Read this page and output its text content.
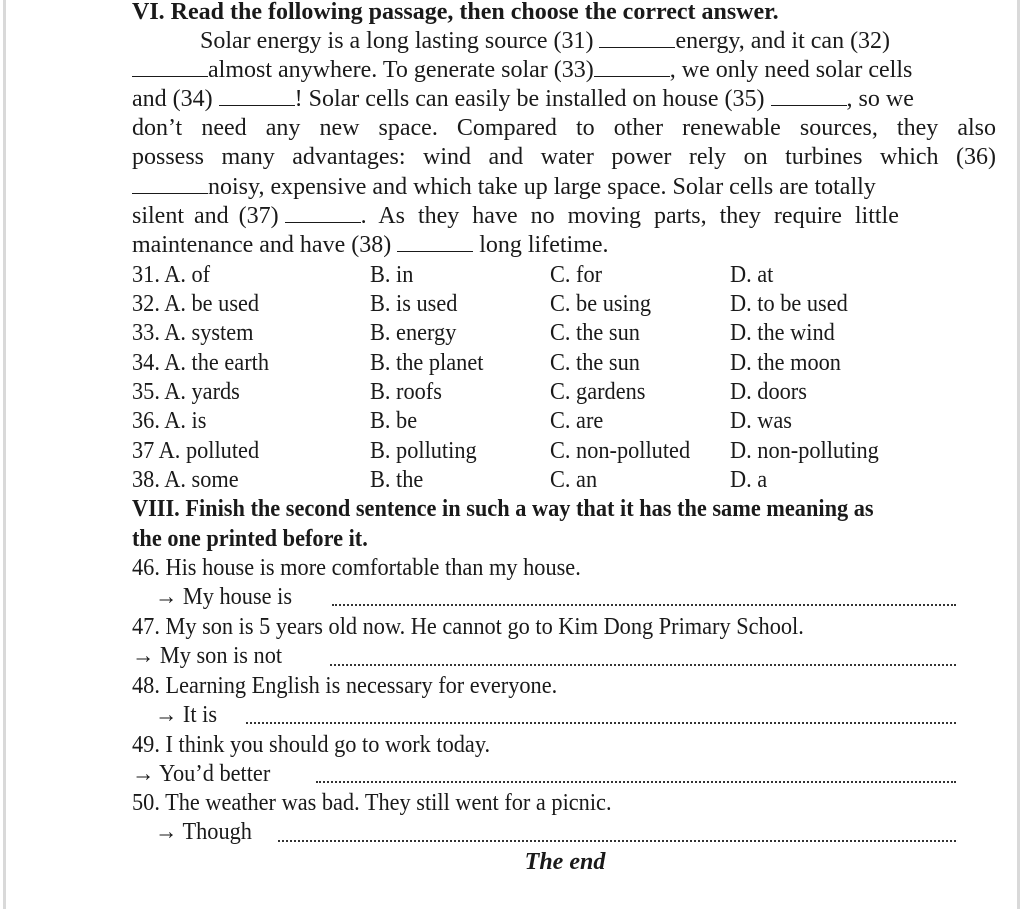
VI. Read the following passage, then choose the correct answer.
Solar energy is a long lasting source (31)	energy, and it can (32)
almost anywhere. To generate solar (33)	, we only need solar cells
and (34)	! Solar cells can easily be installed on house (35)	, so we
don’t need any new space. Compared to other renewable sources, they also
possess many advantages: wind and water power rely on turbines which (36)
noisy, expensive and which take up large space. Solar cells are totally
silent and (37)	. As they have no moving parts, they require little
maintenance and have (38)	long lifetime.
31. A. of	B. in	C. for	D. at
32. A. be used	B. is used	C. be using	D. to be used
33. A. system	B. energy	C. the sun	D. the wind
34. A. the earth	B. the planet	C. the sun	D. the moon
35. A. yards	B. roofs	C. gardens	D. doors
36. A. is	B. be	C. are	D. was
37 A. polluted	B. polluting	C. non-polluted D. non-polluting
38. A. some	B. the	C. an	D. a
VIII. Finish the second sentence in such a way that it has the same meaning as
the one printed before it.
46. His house is more comfortable than my house.
→ My house is
47. My son is 5 years old now. He cannot go to Kim Dong Primary School.
→ My son is not
48. Learning English is necessary for everyone.
→ It is
49. I think you should go to work today.
→ You’d better
50. The weather was bad. They still went for a picnic.
→ Though
The end
